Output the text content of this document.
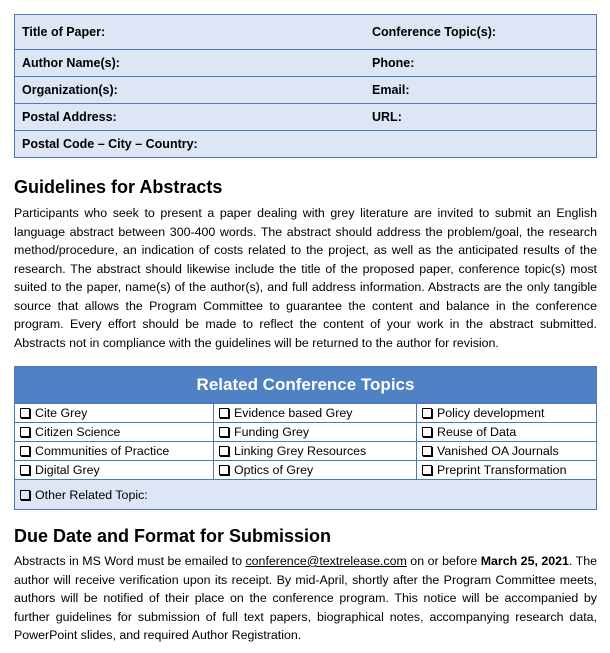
Title of Paper:	Conference Topic(s):
Author Name(s):	Phone:
Organization(s):	Email:
Postal Address:	URL:
Postal Code – City – Country:	
Guidelines for Abstracts

Participants who seek to present a paper dealing with grey literature are invited to submit an English language abstract between 300-400 words. The abstract should address the problem/goal, the research method/procedure, an indication of costs related to the project, as well as the anticipated results of the research. The abstract should likewise include the title of the proposed paper, conference topic(s) most suited to the paper, name(s) of the author(s), and full address information. Abstracts are the only tangible source that allows the Program Committee to guarantee the content and balance in the conference program. Every effort should be made to reflect the content of your work in the abstract submitted. Abstracts not in compliance with the guidelines will be returned to the author for revision.

Related Conference Topics		
Cite Grey	Evidence based Grey	Policy development
Citizen Science	Funding Grey	Reuse of Data
Communities of Practice	Linking Grey Resources	Vanished OA Journals
Digital Grey	Optics of Grey	Preprint Transformation
Other Related Topic:		
Due Date and Format for Submission

Abstracts in MS Word must be emailed to conference@textrelease.com on or before March 25, 2021. The author will receive verification upon its receipt. By mid-April, shortly after the Program Committee meets, authors will be notified of their place on the conference program. This notice will be accompanied by further guidelines for submission of full text papers, biographical notes, accompanying research data, PowerPoint slides, and required Author Registration.
